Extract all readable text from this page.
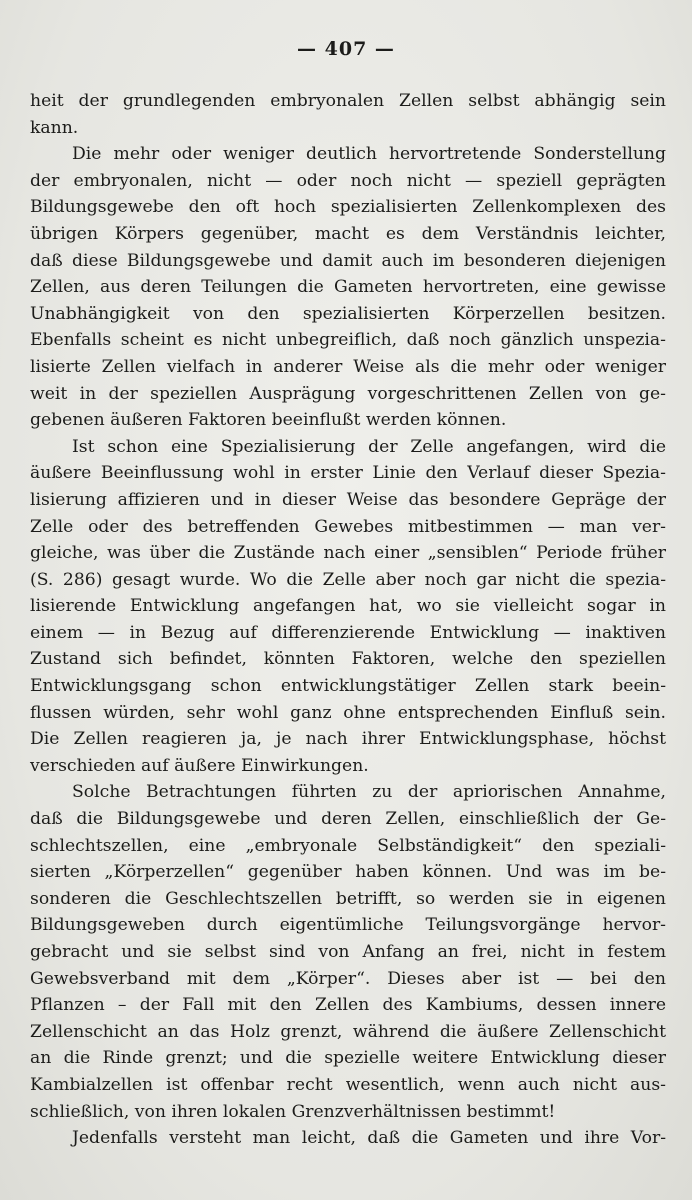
— 407 —
heit der grundlegenden embryonalen Zellen selbst abhängig sein
kann.
Die mehr oder weniger deutlich hervortretende Sonderstellung
der embryonalen, nicht — oder noch nicht — speziell geprägten
Bildungsgewebe den oft hoch spezialisierten Zellenkomplexen des
übrigen Körpers gegenüber, macht es dem Verständnis leichter,
daß diese Bildungsgewebe und damit auch im besonderen diejenigen
Zellen, aus deren Teilungen die Gameten hervortreten, eine gewisse
Unabhängigkeit von den spezialisierten Körperzellen besitzen.
Ebenfalls scheint es nicht unbegreiflich, daß noch gänzlich unspezia-
lisierte Zellen vielfach in anderer Weise als die mehr oder weniger
weit in der speziellen Ausprägung vorgeschrittenen Zellen von ge-
gebenen äußeren Faktoren beeinflußt werden können.
Ist schon eine Spezialisierung der Zelle angefangen, wird die
äußere Beeinflussung wohl in erster Linie den Verlauf dieser Spezia-
lisierung affizieren und in dieser Weise das besondere Gepräge der
Zelle oder des betreffenden Gewebes mitbestimmen — man ver-
gleiche, was über die Zustände nach einer „sensiblen“ Periode früher
(S. 286) gesagt wurde. Wo die Zelle aber noch gar nicht die spezia-
lisierende Entwicklung angefangen hat, wo sie vielleicht sogar in
einem — in Bezug auf differenzierende Entwicklung — inaktiven
Zustand sich befindet, könnten Faktoren, welche den speziellen
Entwicklungsgang schon entwicklungstätiger Zellen stark beein-
flussen würden, sehr wohl ganz ohne entsprechenden Einfluß sein.
Die Zellen reagieren ja, je nach ihrer Entwicklungsphase, höchst
verschieden auf äußere Einwirkungen.
Solche Betrachtungen führten zu der apriorischen Annahme,
daß die Bildungsgewebe und deren Zellen, einschließlich der Ge-
schlechtszellen, eine „embryonale Selbständigkeit“ den speziali-
sierten „Körperzellen“ gegenüber haben können. Und was im be-
sonderen die Geschlechtszellen betrifft, so werden sie in eigenen
Bildungsgeweben durch eigentümliche Teilungsvorgänge hervor-
gebracht und sie selbst sind von Anfang an frei, nicht in festem
Gewebsverband mit dem „Körper“. Dieses aber ist — bei den
Pflanzen – der Fall mit den Zellen des Kambiums, dessen innere
Zellenschicht an das Holz grenzt, während die äußere Zellenschicht
an die Rinde grenzt; und die spezielle weitere Entwicklung dieser
Kambialzellen ist offenbar recht wesentlich, wenn auch nicht aus-
schließlich, von ihren lokalen Grenzverhältnissen bestimmt!
Jedenfalls versteht man leicht, daß die Gameten und ihre Vor-
